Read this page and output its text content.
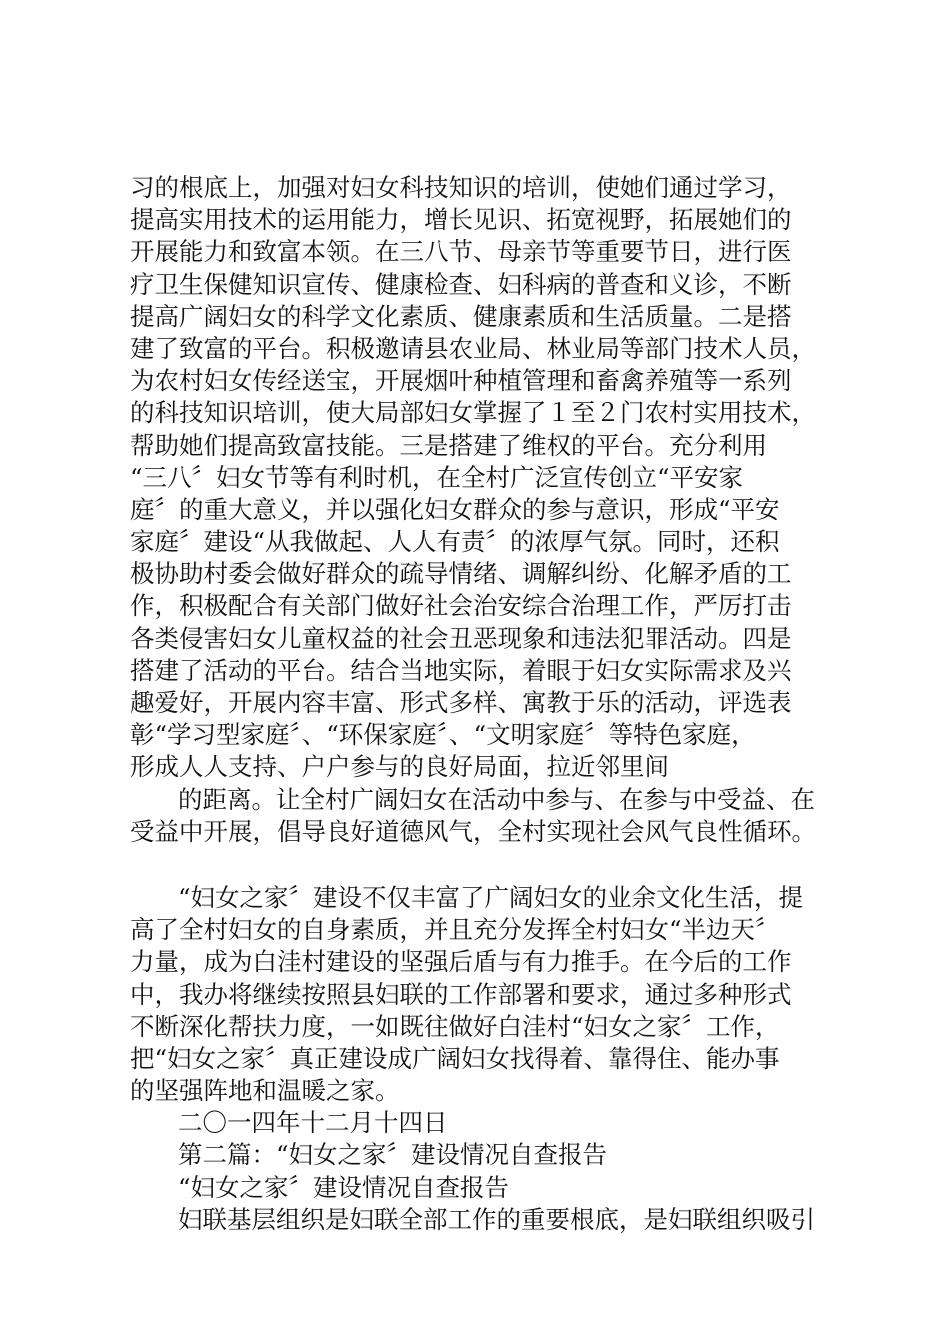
习的根底上，加强对妇女科技知识的培训，使她们通过学习，
提高实用技术的运用能力，增长见识、拓宽视野，拓展她们的
开展能力和致富本领。在三八节、母亲节等重要节日，进行医
疗卫生保健知识宣传、健康检查、妇科病的普查和义诊，不断
提高广阔妇女的科学文化素质、健康素质和生活质量。二是搭
建了致富的平台。积极邀请县农业局、林业局等部门技术人员，
为农村妇女传经送宝，开展烟叶种植管理和畜禽养殖等一系列
的科技知识培训，使大局部妇女掌握了１至２门农村实用技术，
帮助她们提高致富技能。三是搭建了维权的平台。充分利用
“三八〞妇女节等有利时机，在全村广泛宣传创立“平安家
庭〞的重大意义，并以强化妇女群众的参与意识，形成“平安
家庭〞建设“从我做起、人人有责〞的浓厚气氛。同时，还积
极协助村委会做好群众的疏导情绪、调解纠纷、化解矛盾的工
作，积极配合有关部门做好社会治安综合治理工作，严厉打击
各类侵害妇女儿童权益的社会丑恶现象和违法犯罪活动。四是
搭建了活动的平台。结合当地实际，着眼于妇女实际需求及兴
趣爱好，开展内容丰富、形式多样、寓教于乐的活动，评选表
彰“学习型家庭〞、“环保家庭〞、“文明家庭〞等特色家庭，
形成人人支持、户户参与的良好局面，拉近邻里间
的距离。让全村广阔妇女在活动中参与、在参与中受益、在
受益中开展，倡导良好道德风气，全村实现社会风气良性循环。
“妇女之家〞建设不仅丰富了广阔妇女的业余文化生活，提
高了全村妇女的自身素质，并且充分发挥全村妇女“半边天〞
力量，成为白洼村建设的坚强后盾与有力推手。在今后的工作
中，我办将继续按照县妇联的工作部署和要求，通过多种形式
不断深化帮扶力度，一如既往做好白洼村“妇女之家〞工作，
把“妇女之家〞真正建设成广阔妇女找得着、靠得住、能办事
的坚强阵地和温暖之家。
二〇一四年十二月十四日
第二篇：“妇女之家〞建设情况自查报告
“妇女之家〞建设情况自查报告
妇联基层组织是妇联全部工作的重要根底，是妇联组织吸引
